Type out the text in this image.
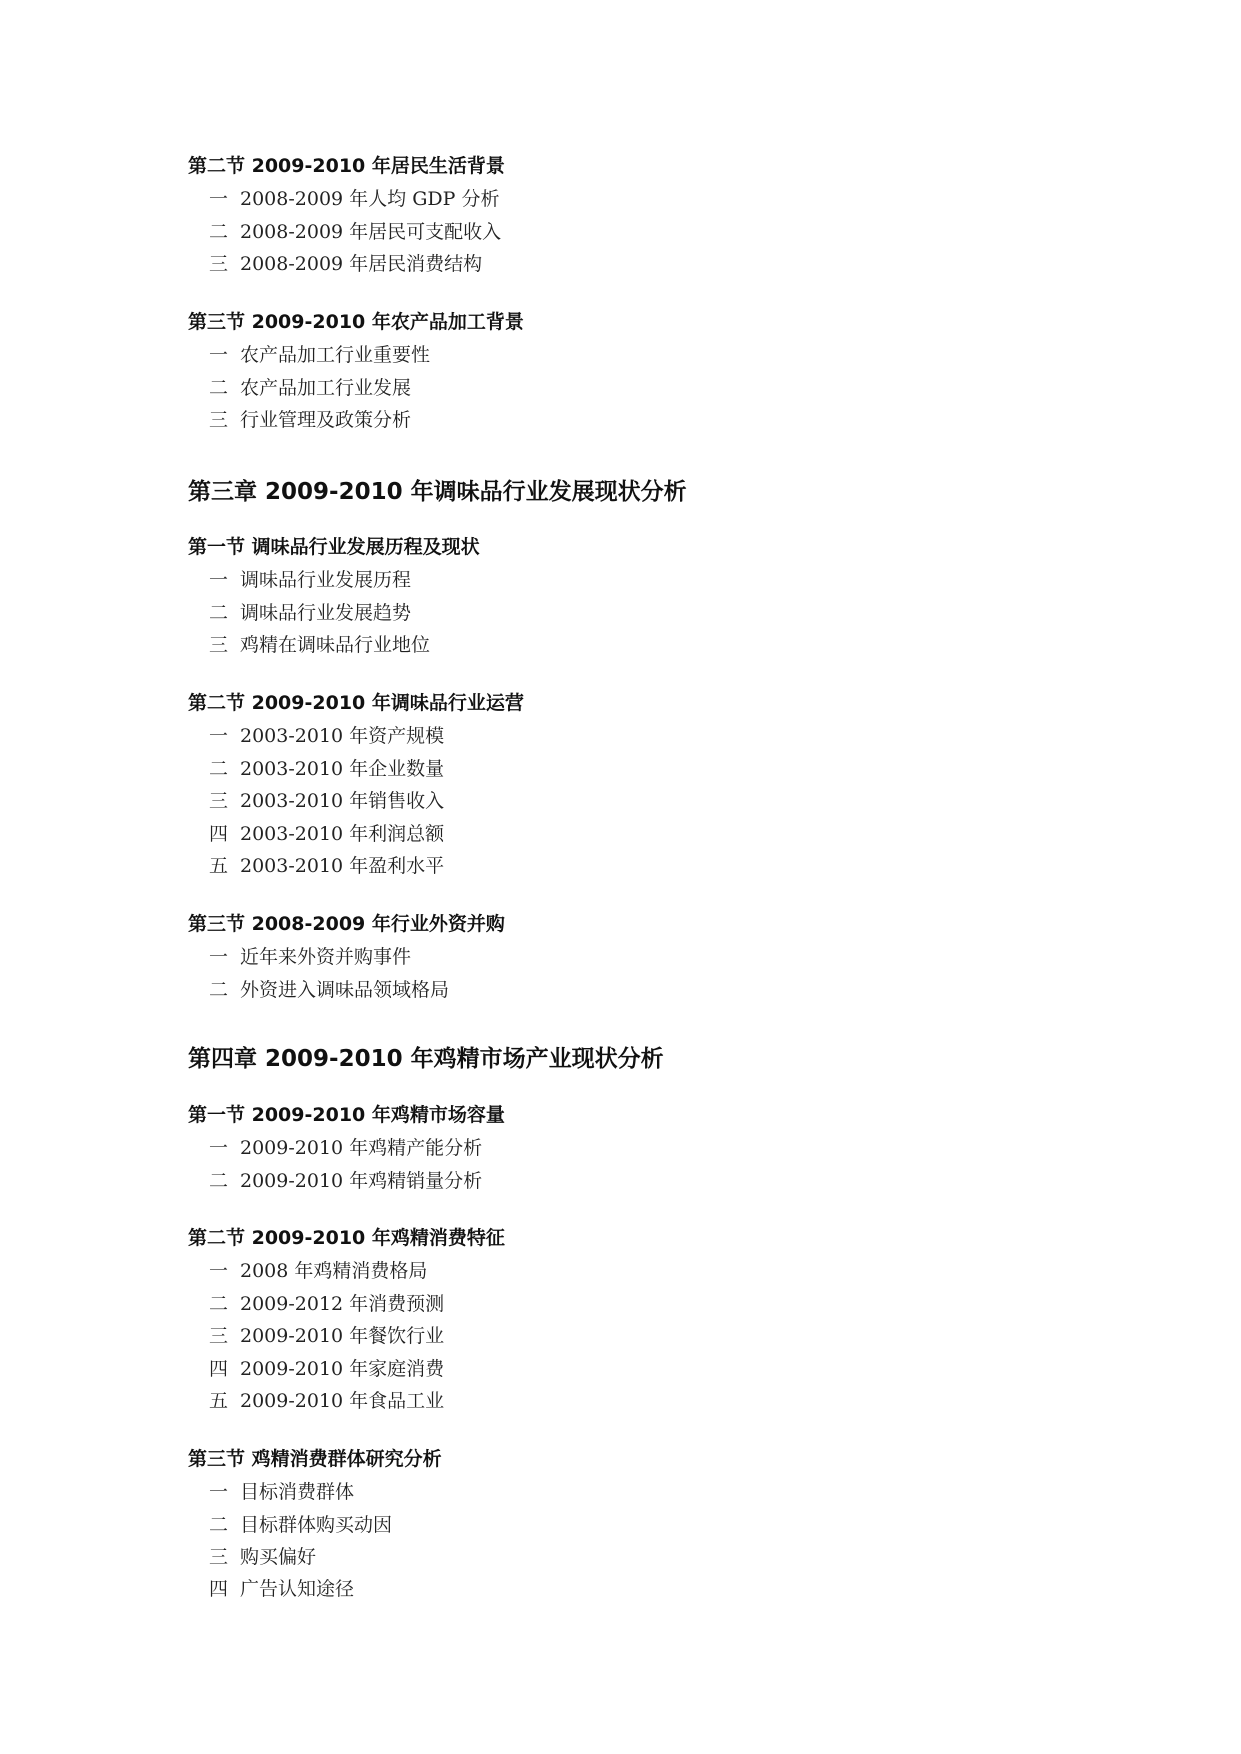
第二节 2009-2010 年居民生活背景
一 2008-2009 年人均 GDP 分析
二 2008-2009 年居民可支配收入
三 2008-2009 年居民消费结构
第三节 2009-2010 年农产品加工背景
一 农产品加工行业重要性
二 农产品加工行业发展
三 行业管理及政策分析
第三章 2009-2010 年调味品行业发展现状分析
第一节 调味品行业发展历程及现状
一 调味品行业发展历程
二 调味品行业发展趋势
三 鸡精在调味品行业地位
第二节 2009-2010 年调味品行业运营
一 2003-2010 年资产规模
二 2003-2010 年企业数量
三 2003-2010 年销售收入
四 2003-2010 年利润总额
五 2003-2010 年盈利水平
第三节 2008-2009 年行业外资并购
一 近年来外资并购事件
二 外资进入调味品领域格局
第四章 2009-2010 年鸡精市场产业现状分析
第一节 2009-2010 年鸡精市场容量
一 2009-2010 年鸡精产能分析
二 2009-2010 年鸡精销量分析
第二节 2009-2010 年鸡精消费特征
一 2008 年鸡精消费格局
二 2009-2012 年消费预测
三 2009-2010 年餐饮行业
四 2009-2010 年家庭消费
五 2009-2010 年食品工业
第三节 鸡精消费群体研究分析
一 目标消费群体
二 目标群体购买动因
三 购买偏好
四 广告认知途径
